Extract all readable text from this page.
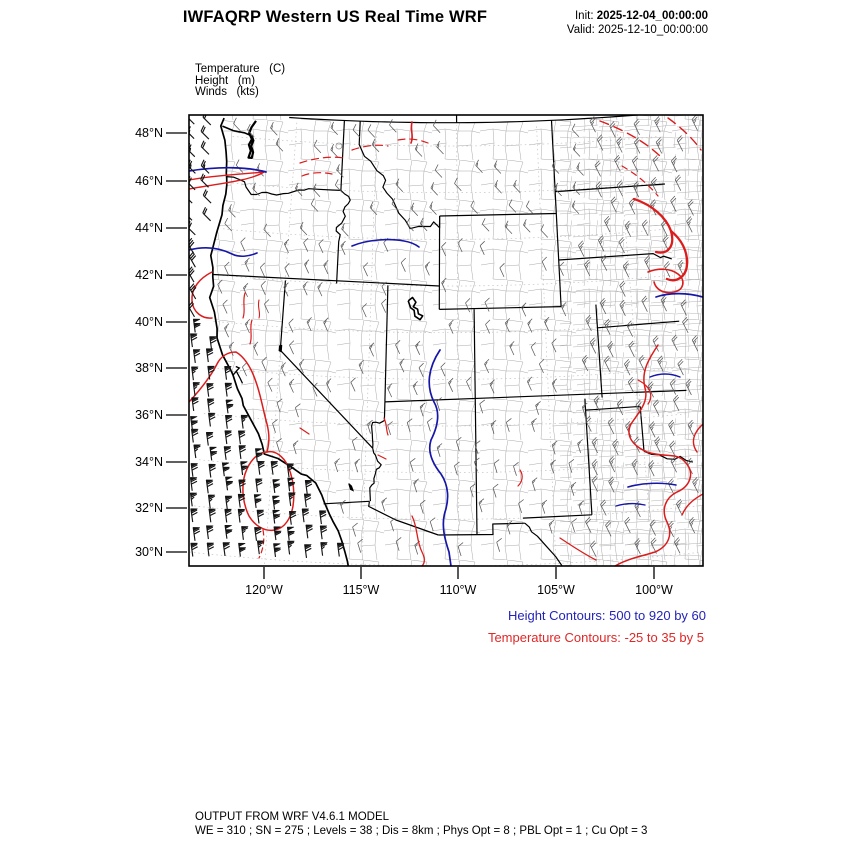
IWFAQRP Western US Real Time WRF	Init: 2025-12-04_00:00:00
Valid: 2025-12-10_00:00:00
Temperature   (C)
Height   (m)
Winds   (kts)
48°N
46°N
44°N
42°N
40°N
38°N
36°N
34°N
32°N
30°N
120°W	115°W	110°W	105°W	100°W
Height Contours: 500 to 920 by 60
Temperature Contours: -25 to 35 by 5
OUTPUT FROM WRF V4.6.1 MODEL
WE = 310 ; SN = 275 ; Levels = 38 ; Dis = 8km ; Phys Opt = 8 ; PBL Opt = 1 ; Cu Opt = 3
